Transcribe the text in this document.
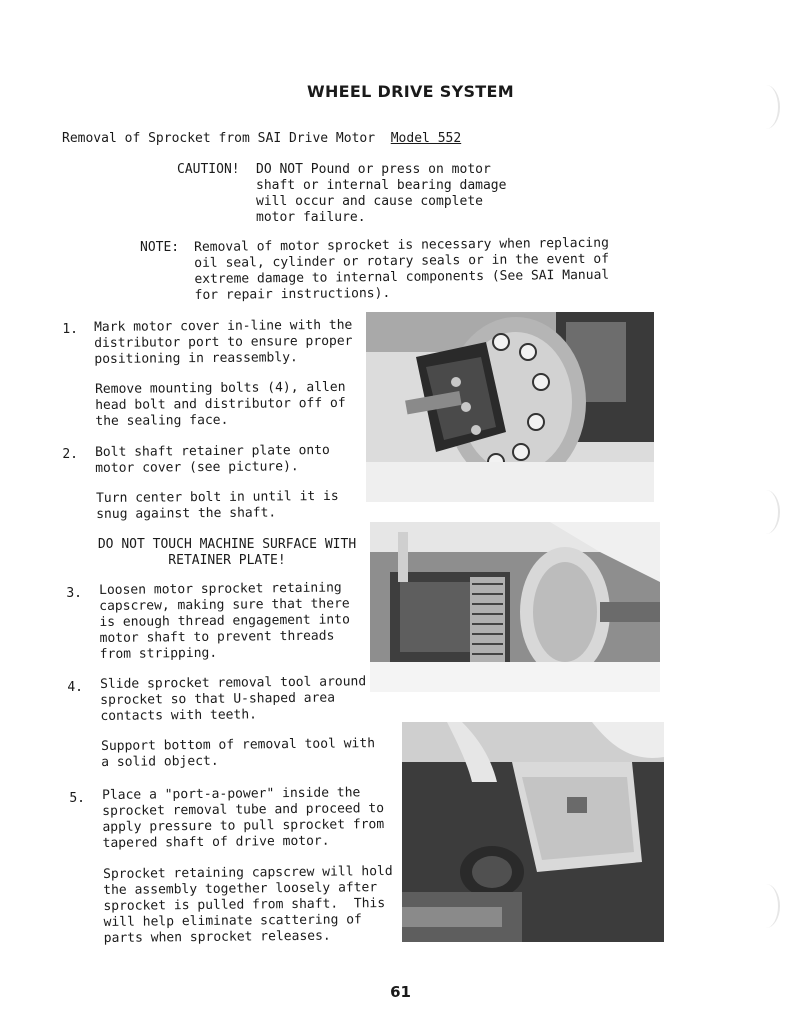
WHEEL DRIVE SYSTEM
Removal of Sprocket from SAI Drive Motor Model 552
CAUTION! DO NOT Pound or press on motor
shaft or internal bearing damage
will occur and cause complete
motor failure.
NOTE: Removal of motor sprocket is necessary when replacing
oil seal, cylinder or rotary seals or in the event of
extreme damage to internal components (See SAI Manual
for repair instructions).
1. Mark motor cover in-line with the
distributor port to ensure proper
positioning in reassembly.
Remove mounting bolts (4), allen
head bolt and distributor off of
the sealing face.
2. Bolt shaft retainer plate onto
motor cover (see picture).
Turn center bolt in until it is
snug against the shaft.
DO NOT TOUCH MACHINE SURFACE WITH
RETAINER PLATE!
3. Loosen motor sprocket retaining
capscrew, making sure that there
is enough thread engagement into
motor shaft to prevent threads
from stripping.
4. Slide sprocket removal tool around
sprocket so that U-shaped area
contacts with teeth.
Support bottom of removal tool with
a solid object.
5. Place a "port-a-power" inside the
sprocket removal tube and proceed to
apply pressure to pull sprocket from
tapered shaft of drive motor.
Sprocket retaining capscrew will hold
the assembly together loosely after
sprocket is pulled from shaft.  This
will help eliminate scattering of
parts when sprocket releases.
61
